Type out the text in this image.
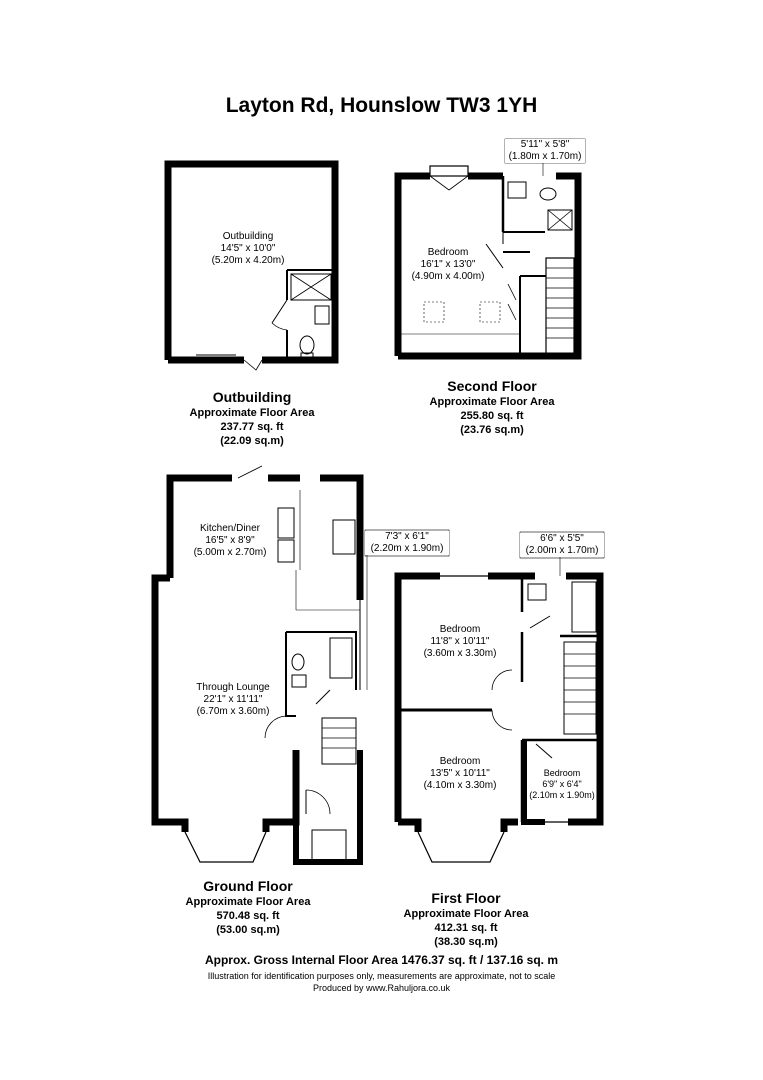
Layton Rd, Hounslow TW3 1YH
Outbuilding
14'5" x 10'0"
(5.20m x 4.20m)
Bedroom
16'1" x 13'0"
(4.90m x 4.00m)
5'11" x 5'8"
(1.80m x 1.70m)
Kitchen/Diner
16'5" x 8'9"
(5.00m x 2.70m)
Through Lounge
22'1" x 11'11"
(6.70m x 3.60m)
7'3" x 6'1"
(2.20m x 1.90m)
6'6" x 5'5"
(2.00m x 1.70m)
Bedroom
11'8" x 10'11"
(3.60m x 3.30m)
Bedroom
13'5" x 10'11"
(4.10m x 3.30m)
Bedroom
6'9" x 6'4"
(2.10m x 1.90m)
Outbuilding
Approximate Floor Area
237.77 sq. ft
(22.09 sq.m)
Second Floor
Approximate Floor Area
255.80 sq. ft
(23.76 sq.m)
Ground Floor
Approximate Floor Area
570.48 sq. ft
(53.00 sq.m)
First Floor
Approximate Floor Area
412.31 sq. ft
(38.30 sq.m)
Approx. Gross Internal Floor Area 1476.37 sq. ft / 137.16 sq. m
Illustration for identification purposes only, measurements are approximate, not to scale
Produced by www.Rahuljora.co.uk
